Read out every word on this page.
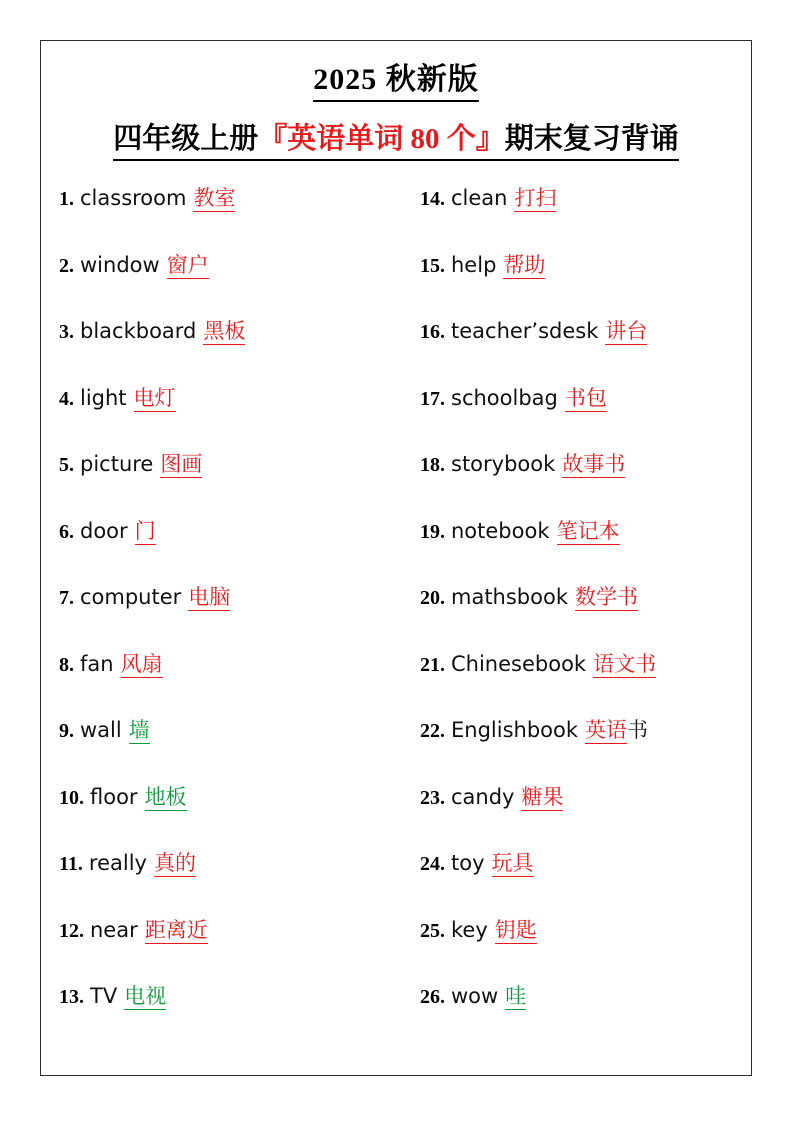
2025 秋新版
四年级上册『英语单词 80 个』期末复习背诵
1. classroom 教室
2. window 窗户
3. blackboard 黑板
4. light 电灯
5. picture 图画
6. door 门
7. computer 电脑
8. fan 风扇
9. wall 墙
10. floor 地板
11. really 真的
12. near 距离近
13. TV 电视
14. clean 打扫
15. help 帮助
16. teacher’sdesk 讲台
17. schoolbag 书包
18. storybook 故事书
19. notebook 笔记本
20. mathsbook 数学书
21. Chinesebook 语文书
22. Englishbook 英语 书
23. candy 糖果
24. toy 玩具
25. key 钥匙
26. wow 哇
